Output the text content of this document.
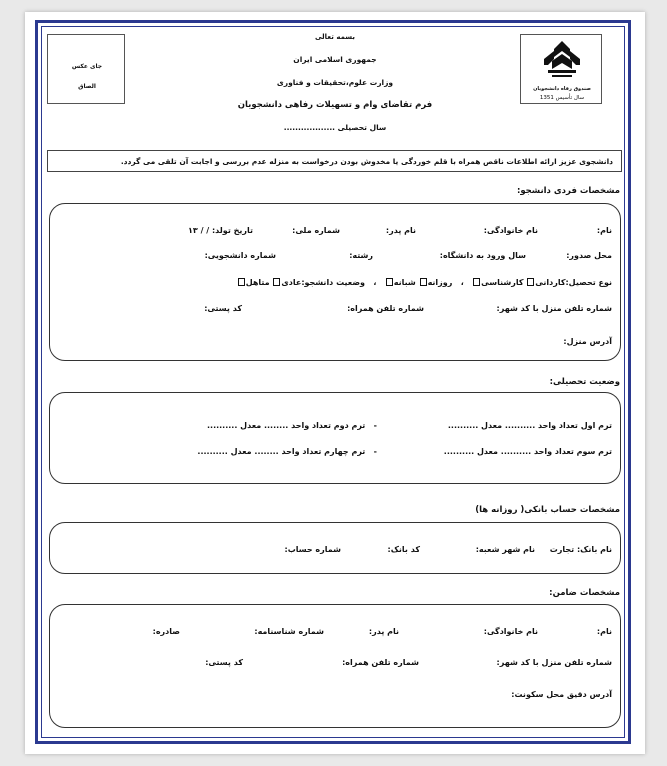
جای عکس
الصاق	صندوق رفاه دانشجویان
سال تأسیس 1351
بسمه تعالی
جمهوری اسلامی ایران
وزارت علوم،تحقیقات و فناوری
فرم تقاضای وام و تسهیلات رفاهی دانشجویان
سال تحصیلی ..................
دانشجوی عزیز ارائه اطلاعات ناقص همراه با قلم خوردگی یا مخدوش بودن درخواست به منزله عدم بررسی و اجابت آن تلقی می گردد.
مشخصات فردی دانشجو:
نام:
نام خانوادگی:
نام پدر:
شماره ملی:
تاریخ تولد: / / ۱۳
محل صدور:
سال ورود به دانشگاه:
رشته:
شماره دانشجویی:
نوع تحصیل:کاردانی کارشناسی   ،   روزانه شبانه   ،   وضعیت دانشجو:عادی متاهل
شماره تلفن منزل با کد شهر:
شماره تلفن همراه:
کد پستی:
آدرس منزل:
وضعیت تحصیلی:
ترم اول تعداد واحد .......... معدل ..........
-   ترم دوم تعداد واحد ........ معدل ..........
ترم سوم تعداد واحد .......... معدل ..........
-   ترم چهارم تعداد واحد ........ معدل ..........
مشخصات حساب بانکی( روزانه ها)
نام بانک: تجارت
نام شهر شعبه:
کد بانک:
شماره حساب:
مشخصات ضامن:
نام:
نام خانوادگی:
نام پدر:
شماره شناسنامه:
صادره:
شماره تلفن منزل با کد شهر:
شماره تلفن همراه:
کد پستی:
آدرس دقیق محل سکونت:
